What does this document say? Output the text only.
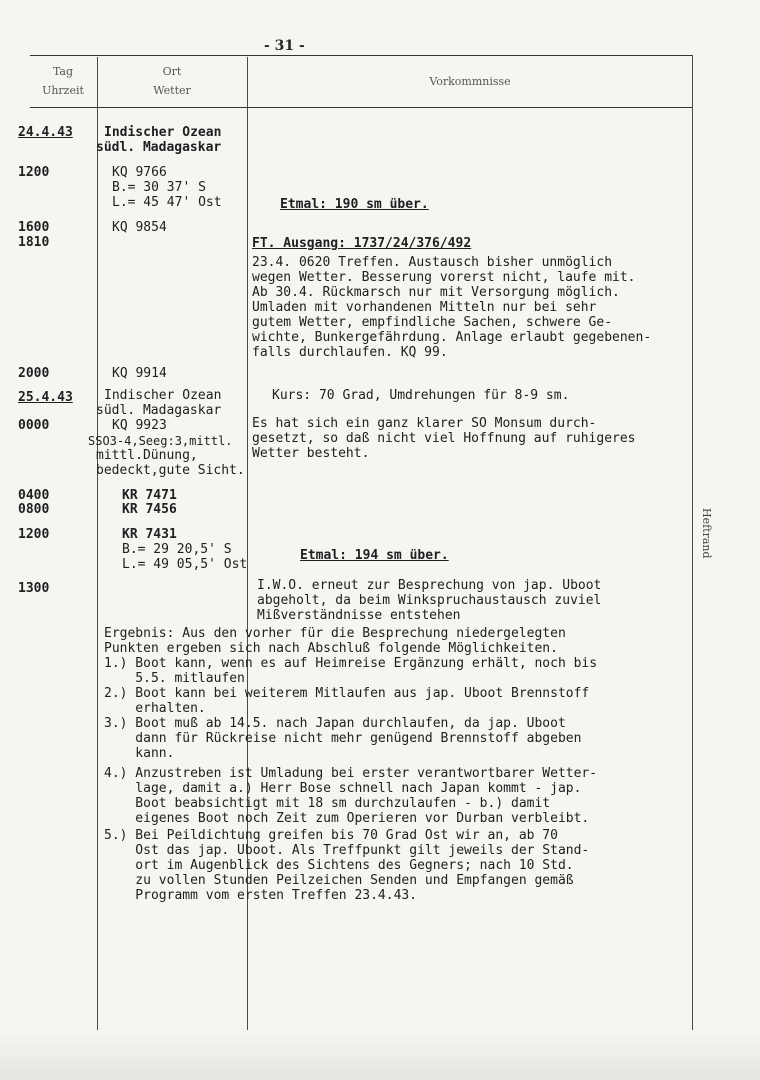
- 31 -
Tag
Uhrzeit
Ort
Wetter
Vorkommnisse
Heftrand
24.4.43
1200
1600
1810
2000
25.4.43
0000
0400
0800
1200
1300
Indischer Ozean
südl. Madagaskar
KQ 9766
B.= 30 37' S
L.= 45 47' Ost
KQ 9854
KQ 9914
Indischer Ozean
südl. Madagaskar
KQ 9923
SSO3-4,Seeg:3,mittl.
mittl.Dünung,
bedeckt,gute Sicht.
KR 7471
KR 7456
KR 7431
B.= 29 20,5' S
L.= 49 05,5' Ost
Etmal: 190 sm über.
FT. Ausgang: 1737/24/376/492
23.4. 0620 Treffen. Austausch bisher unmöglich
wegen Wetter. Besserung vorerst nicht, laufe mit.
Ab 30.4. Rückmarsch nur mit Versorgung möglich.
Umladen mit vorhandenen Mitteln nur bei sehr
gutem Wetter, empfindliche Sachen, schwere Ge-
wichte, Bunkergefährdung. Anlage erlaubt gegebenen-
falls durchlaufen. KQ 99.
Kurs: 70 Grad, Umdrehungen für 8-9 sm.
Es hat sich ein ganz klarer SO Monsum durch-
gesetzt, so daß nicht viel Hoffnung auf ruhigeres
Wetter besteht.
Etmal: 194 sm über.
I.W.O. erneut zur Besprechung von jap. Uboot
abgeholt, da beim Winkspruchaustausch zuviel
Mißverständnisse entstehen
Ergebnis: Aus den vorher für die Besprechung niedergelegten
Punkten ergeben sich nach Abschluß folgende Möglichkeiten.
1.) Boot kann, wenn es auf Heimreise Ergänzung erhält, noch bis
5.5. mitlaufen
2.) Boot kann bei weiterem Mitlaufen aus jap. Uboot Brennstoff
erhalten.
3.) Boot muß ab 14.5. nach Japan durchlaufen, da jap. Uboot
dann für Rückreise nicht mehr genügend Brennstoff abgeben
kann.
4.) Anzustreben ist Umladung bei erster verantwortbarer Wetter-
lage, damit a.) Herr Bose schnell nach Japan kommt - jap.
Boot beabsichtigt mit 18 sm durchzulaufen - b.) damit
eigenes Boot noch Zeit zum Operieren vor Durban verbleibt.
5.) Bei Peildichtung greifen bis 70 Grad Ost wir an, ab 70
Ost das jap. Uboot. Als Treffpunkt gilt jeweils der Stand-
ort im Augenblick des Sichtens des Gegners; nach 10 Std.
zu vollen Stunden Peilzeichen Senden und Empfangen gemäß
Programm vom ersten Treffen 23.4.43.
